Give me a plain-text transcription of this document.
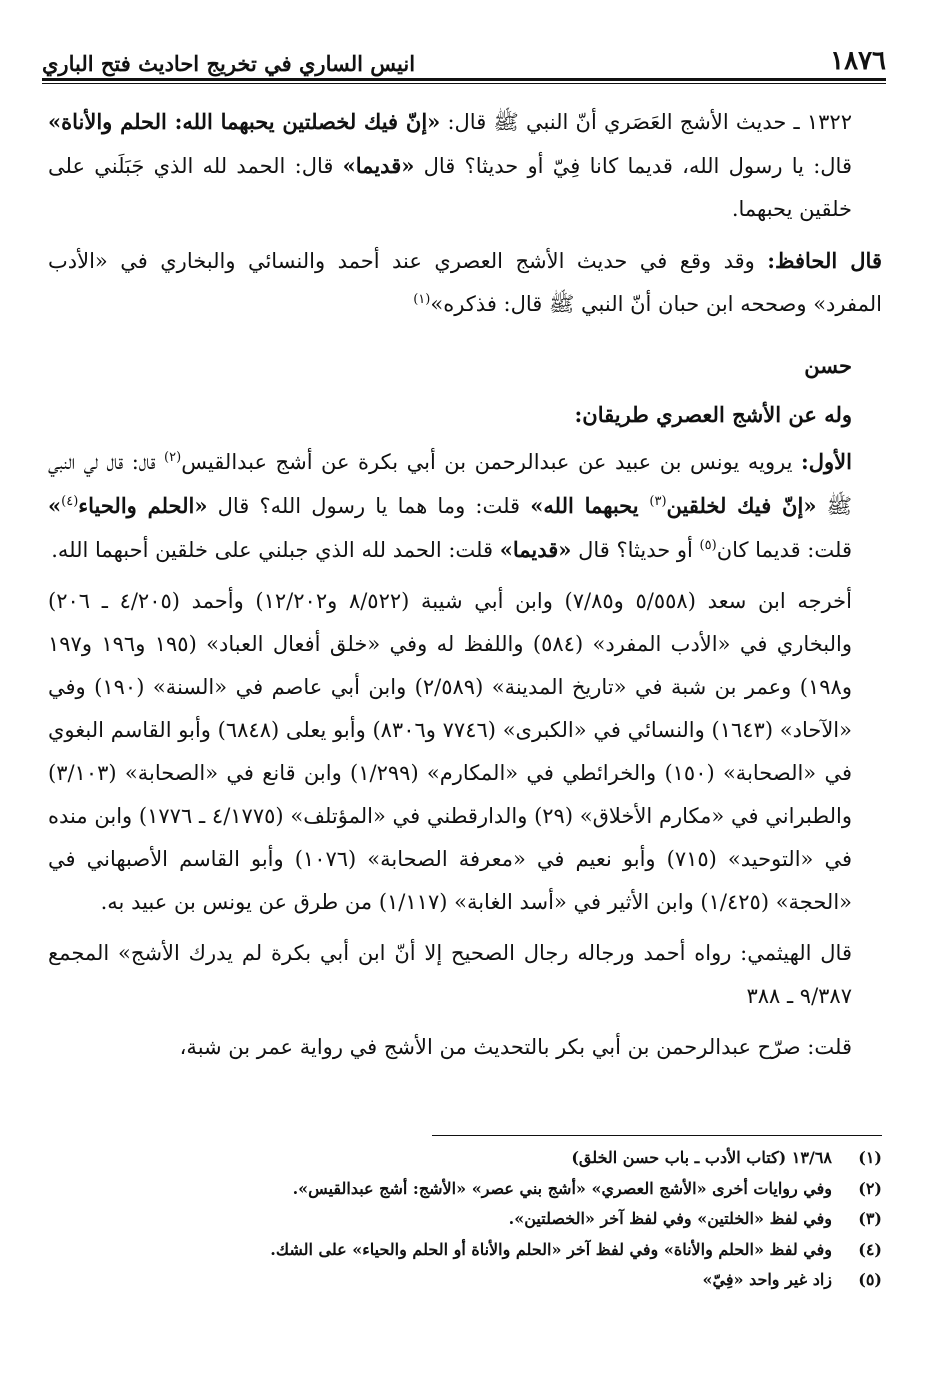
١٨٧٦
انيس الساري في تخريج احاديث فتح الباري

١٣٢٢ ـ حديث الأشج العَصَري أنّ النبي ﷺ قال: «إنّ فيك لخصلتين يحبهما الله: الحلم والأناة» قال: يا رسول الله، قديما كانا فِيّ أو حديثا؟ قال «قديما» قال: الحمد لله الذي جَبَلَني على خلقين يحبهما.

قال الحافظ: وقد وقع في حديث الأشج العصري عند أحمد والنسائي والبخاري في «الأدب المفرد» وصححه ابن حبان أنّ النبي ﷺ قال: فذكره»$^{(١)}$

حسن

وله عن الأشج العصري طريقان:

الأول: يرويه يونس بن عبيد عن عبدالرحمن بن أبي بكرة عن أشج عبدالقيس$^{(٢)}$ قال: قال لي النبي ﷺ «إنّ فيك لخلقين$^{(٣)}$ يحبهما الله» قلت: وما هما يا رسول الله؟ قال «الحلم والحياء$^{(٤)}$» قلت: قديما كان$^{(٥)}$ أو حديثا؟ قال «قديما» قلت: الحمد لله الذي جبلني على خلقين أحبهما الله.

أخرجه ابن سعد (٥/٥٥٨ و٧/٨٥) وابن أبي شيبة (٨/٥٢٢ و١٢/٢٠٢) وأحمد (٤/٢٠٥ ـ ٢٠٦) والبخاري في «الأدب المفرد» (٥٨٤) واللفظ له وفي «خلق أفعال العباد» (١٩٥ و١٩٦ و١٩٧ و١٩٨) وعمر بن شبة في «تاريخ المدينة» (٢/٥٨٩) وابن أبي عاصم في «السنة» (١٩٠) وفي «الآحاد» (١٦٤٣) والنسائي في «الكبرى» (٧٧٤٦ و٨٣٠٦) وأبو يعلى (٦٨٤٨) وأبو القاسم البغوي في «الصحابة» (١٥٠) والخرائطي في «المكارم» (١/٢٩٩) وابن قانع في «الصحابة» (٣/١٠٣) والطبراني في «مكارم الأخلاق» (٢٩) والدارقطني في «المؤتلف» (٤/١٧٧٥ ـ ١٧٧٦) وابن منده في «التوحيد» (٧١٥) وأبو نعيم في «معرفة الصحابة» (١٠٧٦) وأبو القاسم الأصبهاني في «الحجة» (١/٤٢٥) وابن الأثير في «أسد الغابة» (١/١١٧) من طرق عن يونس بن عبيد به.

قال الهيثمي: رواه أحمد ورجاله رجال الصحيح إلا أنّ ابن أبي بكرة لم يدرك الأشج» المجمع ٩/٣٨٧ ـ ٣٨٨

قلت: صرّح عبدالرحمن بن أبي بكر بالتحديث من الأشج في رواية عمر بن شبة،

(١)
١٣/٦٨ (كتاب الأدب ـ باب حسن الخلق)
(٢)
وفي روايات أخرى «الأشج العصري» «أشج بني عصر» «الأشج: أشج عبدالقيس».
(٣)
وفي لفظ «الخلتين» وفي لفظ آخر «الخصلتين».
(٤)
وفي لفظ «الحلم والأناة» وفي لفظ آخر «الحلم والأناة أو الحلم والحياء» على الشك.
(٥)
زاد غير واحد «فِيّ»
